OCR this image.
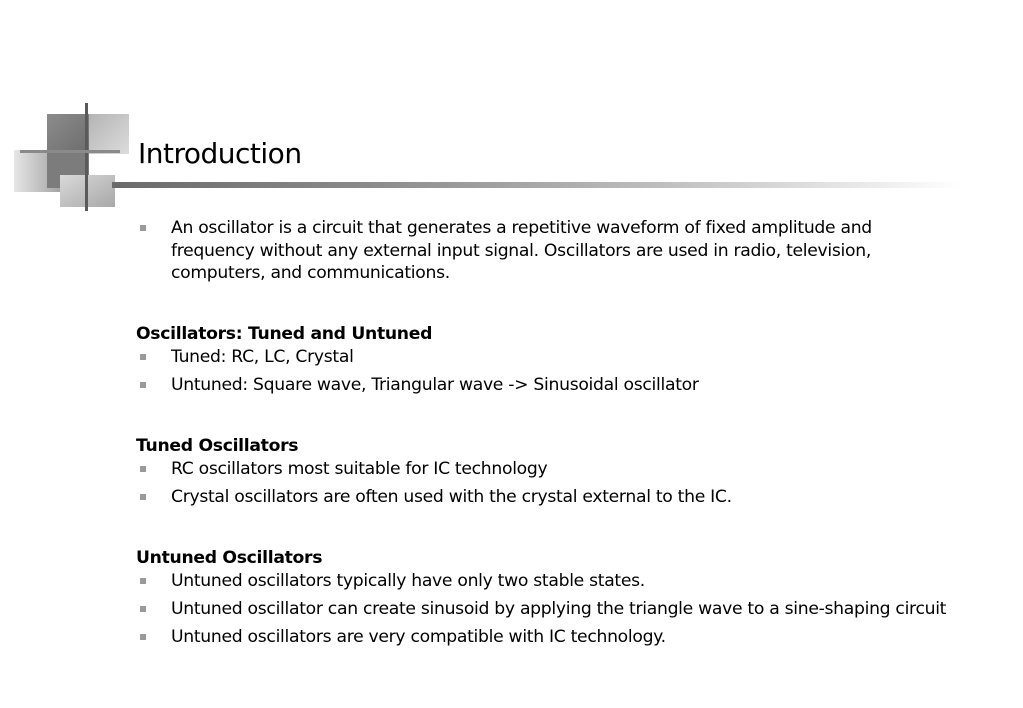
Introduction
An oscillator is a circuit that generates a repetitive waveform of fixed amplitude and frequency without any external input signal. Oscillators are used in radio, television, computers, and communications.
Oscillators: Tuned and Untuned
Tuned: RC, LC, Crystal
Untuned: Square wave, Triangular wave -> Sinusoidal oscillator
Tuned Oscillators
RC oscillators most suitable for IC technology
Crystal oscillators are often used with the crystal external to the IC.
Untuned Oscillators
Untuned oscillators typically have only two stable states.
Untuned oscillator can create sinusoid by applying the triangle wave to a sine-shaping circuit
Untuned oscillators are very compatible with IC technology.
